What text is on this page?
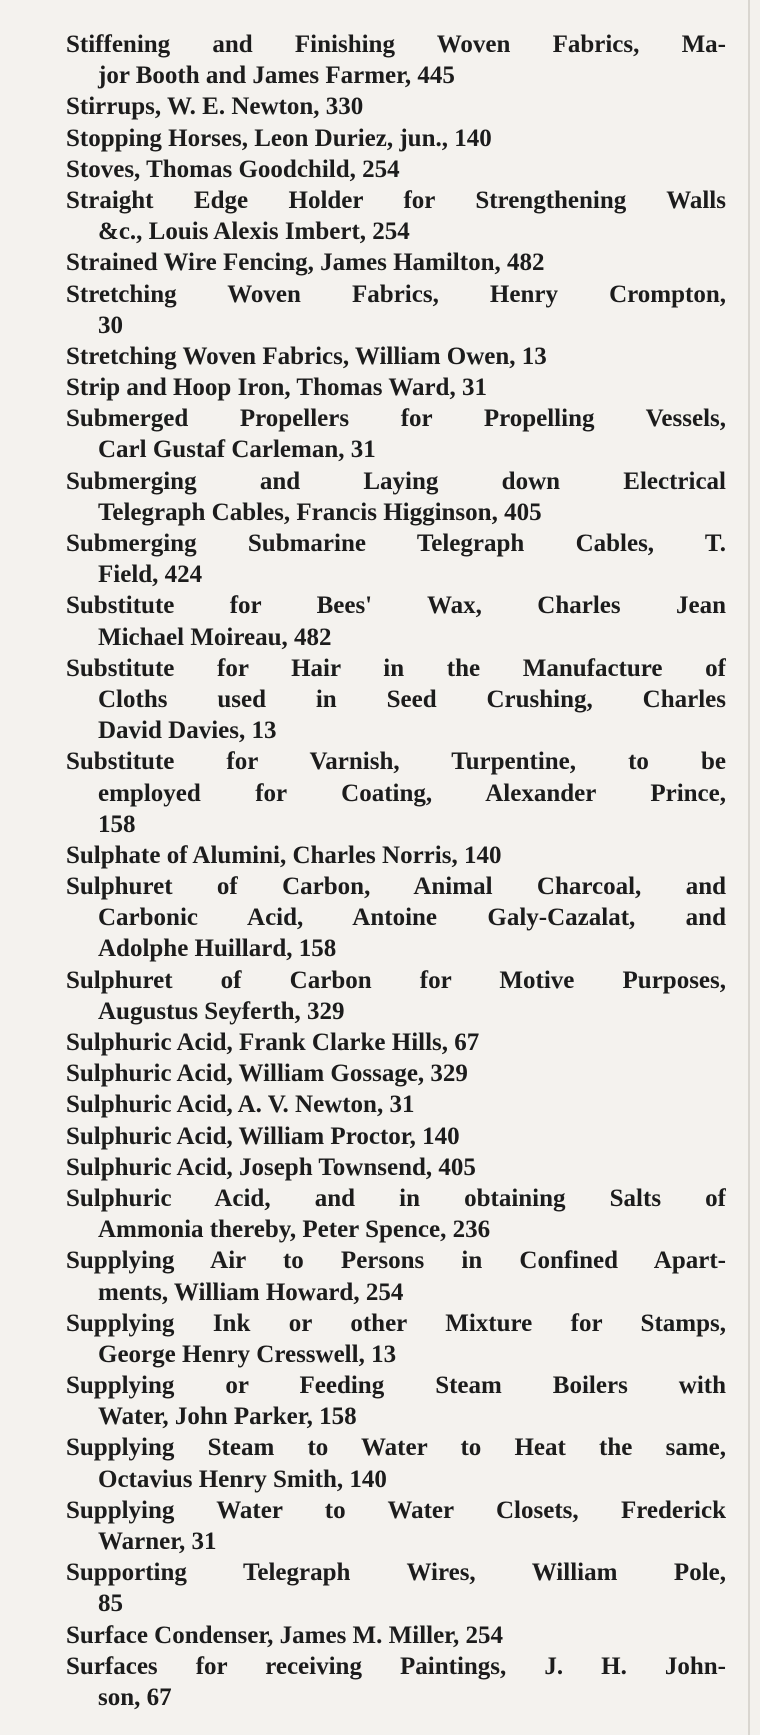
Stiffening and Finishing Woven Fabrics, Ma-
jor Booth and James Farmer, 445
Stirrups, W. E. Newton, 330
Stopping Horses, Leon Duriez, jun., 140
Stoves, Thomas Goodchild, 254
Straight Edge Holder for Strengthening Walls
&c., Louis Alexis Imbert, 254
Strained Wire Fencing, James Hamilton, 482
Stretching Woven Fabrics, Henry Crompton,
30
Stretching Woven Fabrics, William Owen, 13
Strip and Hoop Iron, Thomas Ward, 31
Submerged Propellers for Propelling Vessels,
Carl Gustaf Carleman, 31
Submerging and Laying down Electrical
Telegraph Cables, Francis Higginson, 405
Submerging Submarine Telegraph Cables, T.
Field, 424
Substitute for Bees' Wax, Charles Jean
Michael Moireau, 482
Substitute for Hair in the Manufacture of
Cloths used in Seed Crushing, Charles
David Davies, 13
Substitute for Varnish, Turpentine, to be
employed for Coating, Alexander Prince,
158
Sulphate of Alumini, Charles Norris, 140
Sulphuret of Carbon, Animal Charcoal, and
Carbonic Acid, Antoine Galy-Cazalat, and
Adolphe Huillard, 158
Sulphuret of Carbon for Motive Purposes,
Augustus Seyferth, 329
Sulphuric Acid, Frank Clarke Hills, 67
Sulphuric Acid, William Gossage, 329
Sulphuric Acid, A. V. Newton, 31
Sulphuric Acid, William Proctor, 140
Sulphuric Acid, Joseph Townsend, 405
Sulphuric Acid, and in obtaining Salts of
Ammonia thereby, Peter Spence, 236
Supplying Air to Persons in Confined Apart-
ments, William Howard, 254
Supplying Ink or other Mixture for Stamps,
George Henry Cresswell, 13
Supplying or Feeding Steam Boilers with
Water, John Parker, 158
Supplying Steam to Water to Heat the same,
Octavius Henry Smith, 140
Supplying Water to Water Closets, Frederick
Warner, 31
Supporting Telegraph Wires, William Pole,
85
Surface Condenser, James M. Miller, 254
Surfaces for receiving Paintings, J. H. John-
son, 67
